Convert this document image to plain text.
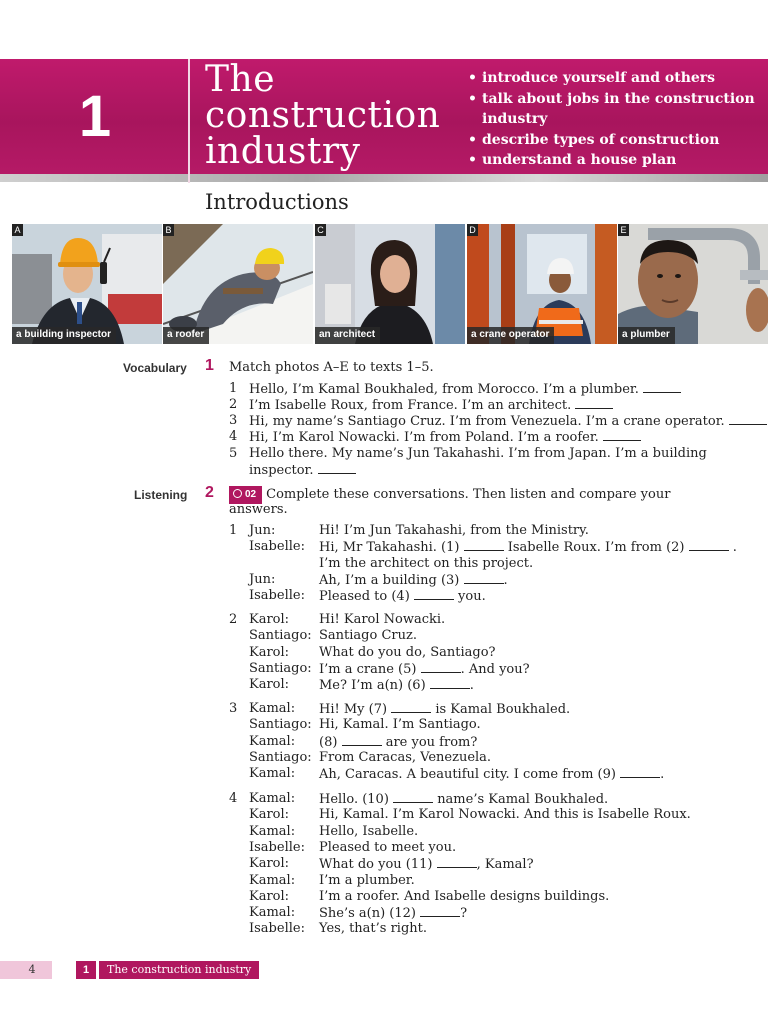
1
The
construction
industry
• introduce yourself and others
• talk about jobs in the construction industry
• describe types of construction
• understand a house plan
Introductions
A
a building inspector
B
a roofer
C
an architect
D
a crane operator
E
a plumber
Vocabulary 1 Match photos A–E to texts 1–5.
1 Hello, I’m Kamal Boukhaled, from Morocco. I’m a plumber.
2 I’m Isabelle Roux, from France. I’m an architect.
3 Hi, my name’s Santiago Cruz. I’m from Venezuela. I’m a crane operator.
4 Hi, I’m Karol Nowacki. I’m from Poland. I’m a roofer.
5 Hello there. My name’s Jun Takahashi. I’m from Japan. I’m a building
inspector.
Listening 2	02 Complete these conversations. Then listen and compare your
answers.
1 Jun:	Hi! I’m Jun Takahashi, from the Ministry.
Isabelle: Hi, Mr Takahashi. (1)	Isabelle Roux. I’m from (2)	.
I’m the architect on this project.
Jun:	Ah, I’m a building (3)	.
Isabelle: Pleased to (4)	you.
2 Karol: Hi! Karol Nowacki.
Santiago: Santiago Cruz.
Karol: What do you do, Santiago?
Santiago: I’m a crane (5)	. And you?
Karol: Me? I’m a(n) (6)	.
3 Kamal: Hi! My (7)	is Kamal Boukhaled.
Santiago: Hi, Kamal. I’m Santiago.
Kamal: (8)	are you from?
Santiago: From Caracas, Venezuela.
Kamal: Ah, Caracas. A beautiful city. I come from (9)	.
4 Kamal: Hello. (10)	name’s Kamal Boukhaled.
Karol: Hi, Kamal. I’m Karol Nowacki. And this is Isabelle Roux.
Kamal: Hello, Isabelle.
Isabelle: Pleased to meet you.
Karol: What do you (11)	, Kamal?
Kamal: I’m a plumber.
Karol: I’m a roofer. And Isabelle designs buildings.
Kamal: She’s a(n) (12)	?
Isabelle: Yes, that’s right.
4	1	The construction industry
